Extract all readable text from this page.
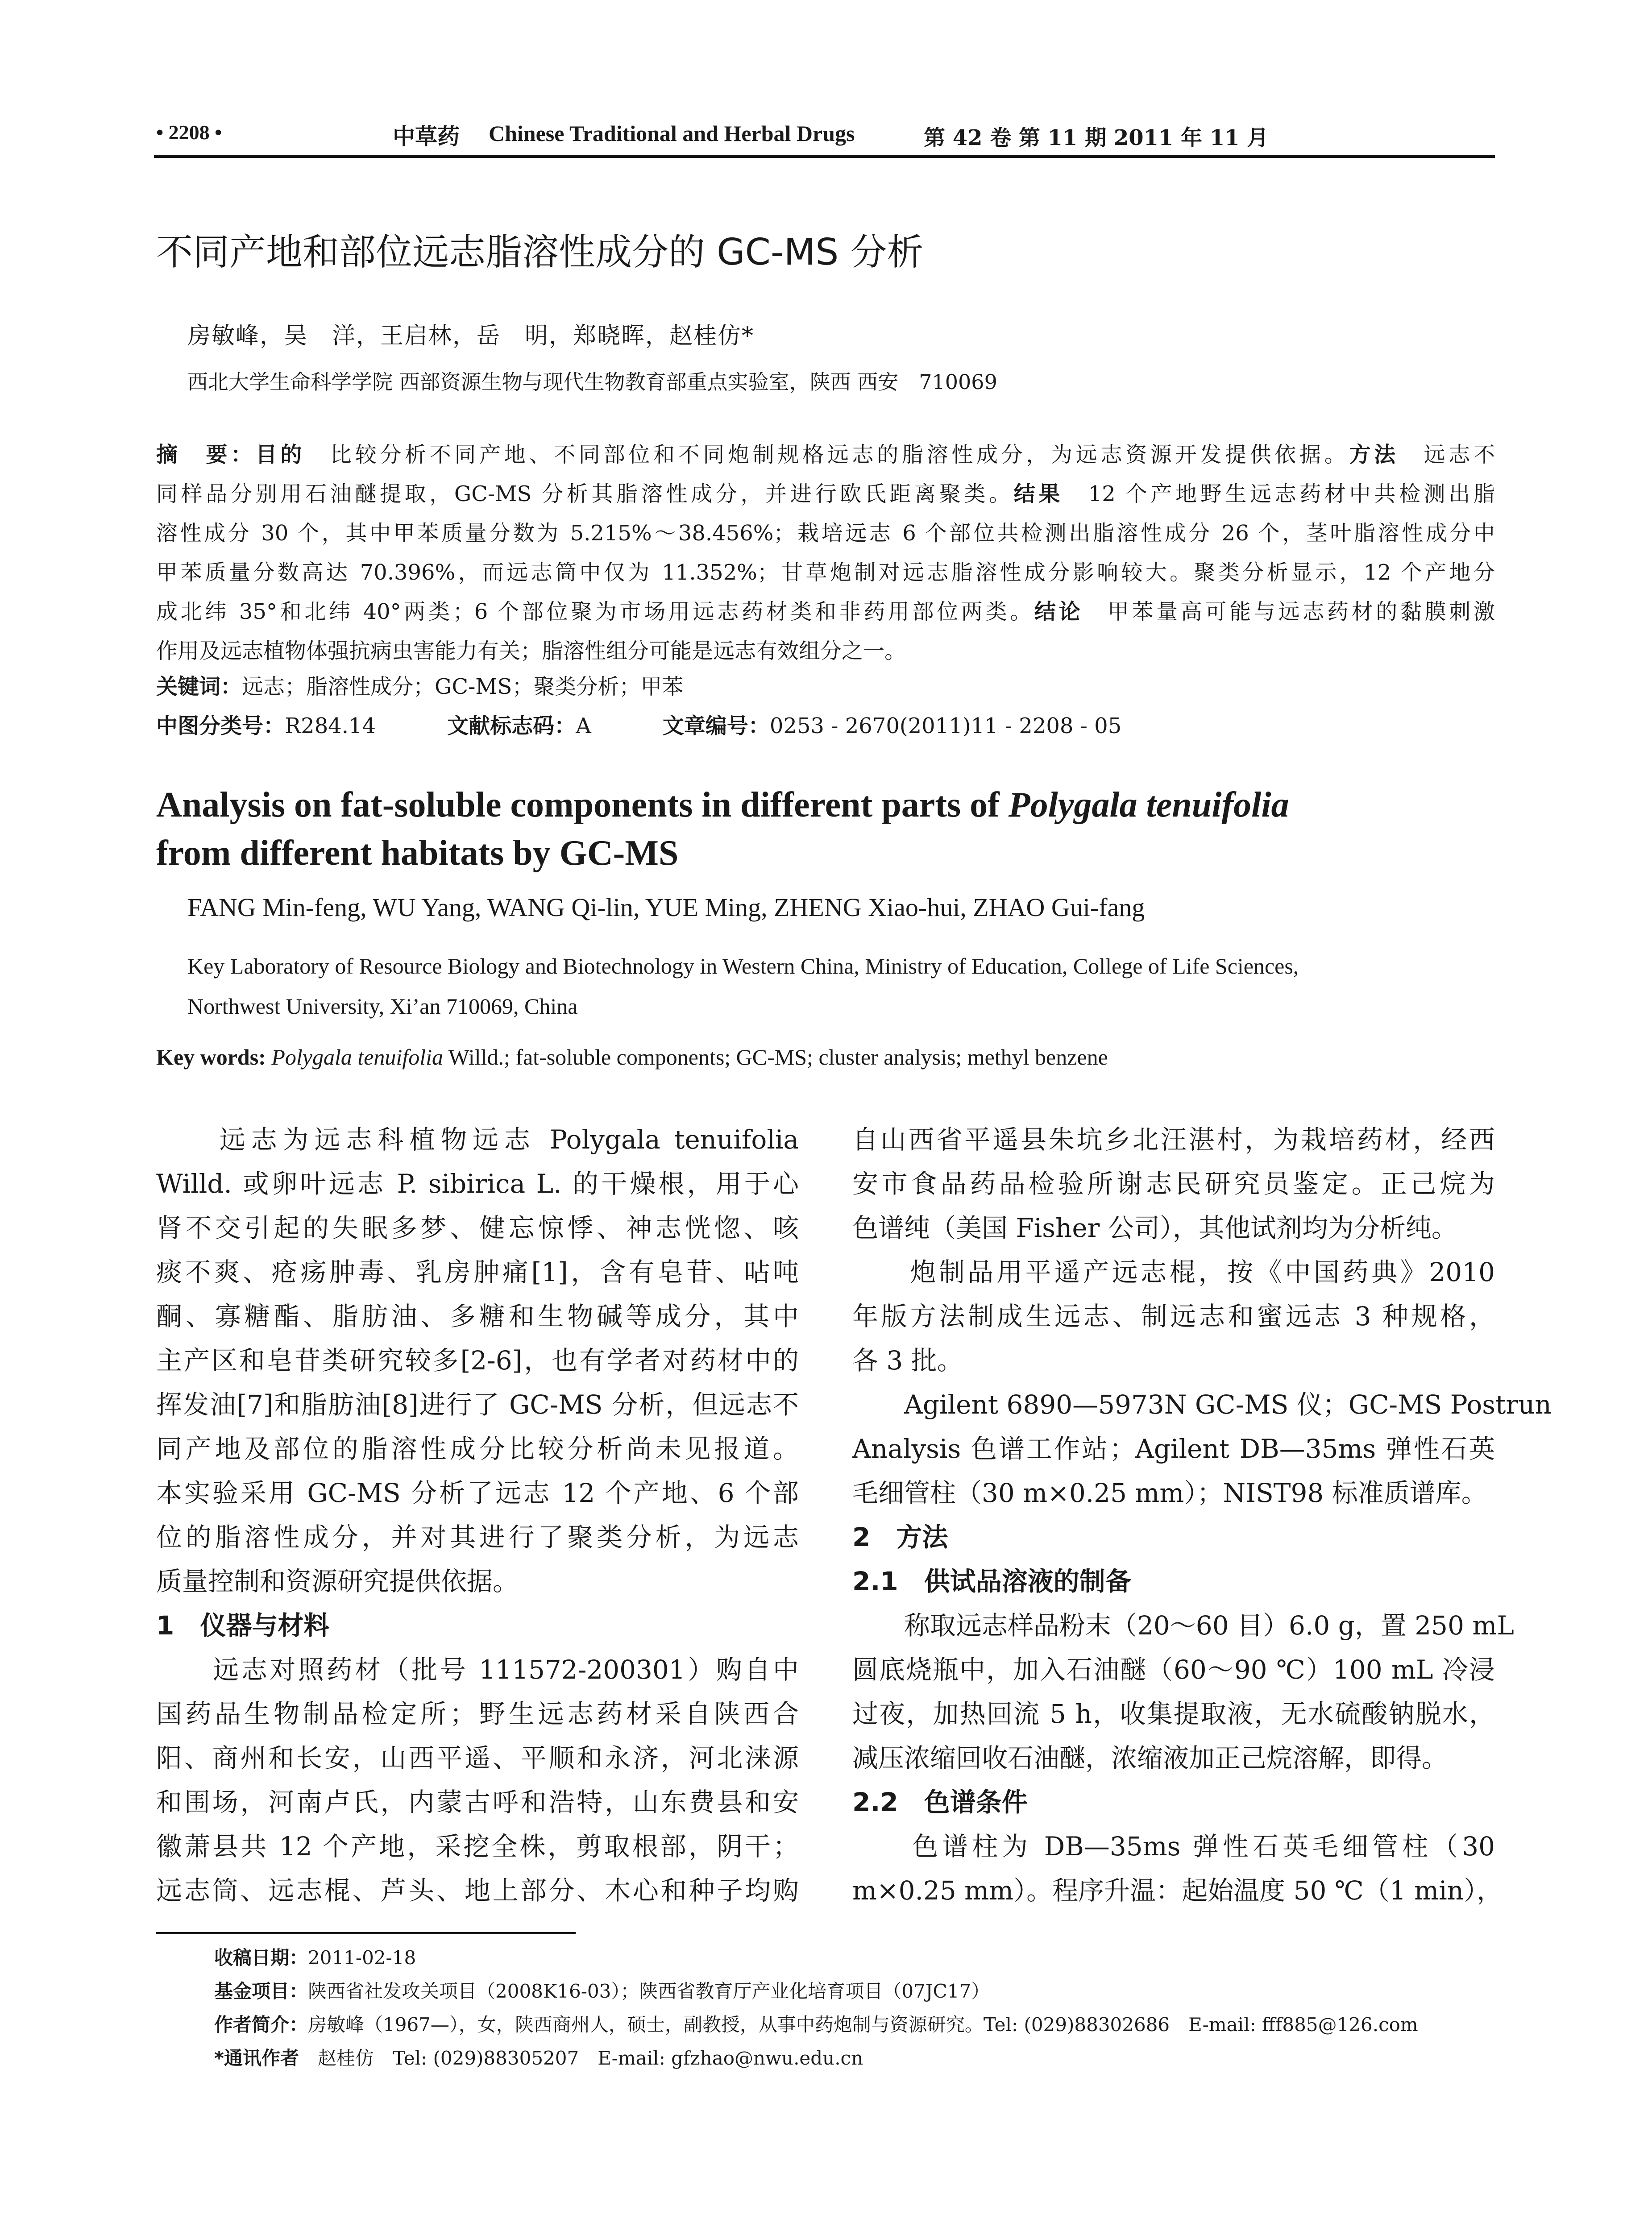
• 2208 •	中草药 Chinese Traditional and Herbal Drugs	第 42 卷 第 11 期 2011 年 11 月
不同产地和部位远志脂溶性成分的 GC-MS 分析
房敏峰，吴　洋，王启林，岳　明，郑晓晖，赵桂仿*
西北大学生命科学学院 西部资源生物与现代生物教育部重点实验室，陕西 西安　710069
摘　要：目的　比较分析不同产地、不同部位和不同炮制规格远志的脂溶性成分，为远志资源开发提供依据。方法　远志不
同样品分别用石油醚提取，GC-MS 分析其脂溶性成分，并进行欧氏距离聚类。结果　12 个产地野生远志药材中共检测出脂
溶性成分 30 个，其中甲苯质量分数为 5.215%～38.456%；栽培远志 6 个部位共检测出脂溶性成分 26 个，茎叶脂溶性成分中
甲苯质量分数高达 70.396%，而远志筒中仅为 11.352%；甘草炮制对远志脂溶性成分影响较大。聚类分析显示，12 个产地分
成北纬 35°和北纬 40°两类；6 个部位聚为市场用远志药材类和非药用部位两类。结论　甲苯量高可能与远志药材的黏膜刺激
作用及远志植物体强抗病虫害能力有关；脂溶性组分可能是远志有效组分之一。
关键词：远志；脂溶性成分；GC-MS；聚类分析；甲苯
中图分类号：R284.14	文献标志码：A	文章编号：0253 - 2670(2011)11 - 2208 - 05
Analysis on fat-soluble components in different parts of Polygala tenuifolia
from different habitats by GC-MS
FANG Min-feng, WU Yang, WANG Qi-lin, YUE Ming, ZHENG Xiao-hui, ZHAO Gui-fang
Key Laboratory of Resource Biology and Biotechnology in Western China, Ministry of Education, College of Life Sciences,
Northwest University, Xi’an 710069, China
Key words: Polygala tenuifolia Willd.; fat-soluble components; GC-MS; cluster analysis; methyl benzene

　　远志为远志科植物远志 Polygala tenuifolia

Willd. 或卵叶远志 P. sibirica L. 的干燥根，用于心

肾不交引起的失眠多梦、健忘惊悸、神志恍惚、咳

痰不爽、疮疡肿毒、乳房肿痛[1]，含有皂苷、呫吨

酮、寡糖酯、脂肪油、多糖和生物碱等成分，其中

主产区和皂苷类研究较多[2-6]，也有学者对药材中的

挥发油[7]和脂肪油[8]进行了 GC-MS 分析，但远志不

同产地及部位的脂溶性成分比较分析尚未见报道。

本实验采用 GC-MS 分析了远志 12 个产地、6 个部

位的脂溶性成分，并对其进行了聚类分析，为远志

质量控制和资源研究提供依据。

1　仪器与材料

　　远志对照药材（批号 111572-200301）购自中

国药品生物制品检定所；野生远志药材采自陕西合

阳、商州和长安，山西平遥、平顺和永济，河北涞源

和围场，河南卢氏，内蒙古呼和浩特，山东费县和安

徽萧县共 12 个产地，采挖全株，剪取根部，阴干；

远志筒、远志棍、芦头、地上部分、木心和种子均购

自山西省平遥县朱坑乡北汪湛村，为栽培药材，经西

安市食品药品检验所谢志民研究员鉴定。正己烷为

色谱纯（美国 Fisher 公司），其他试剂均为分析纯。

　　炮制品用平遥产远志棍，按《中国药典》2010

年版方法制成生远志、制远志和蜜远志 3 种规格，

各 3 批。

　　Agilent 6890—5973N GC-MS 仪；GC-MS Postrun

Analysis 色谱工作站；Agilent DB—35ms 弹性石英

毛细管柱（30 m×0.25 mm）；NIST98 标准质谱库。

2　方法

2.1　供试品溶液的制备

　　称取远志样品粉末（20～60 目）6.0 g，置 250 mL

圆底烧瓶中，加入石油醚（60～90 ℃）100 mL 冷浸

过夜，加热回流 5 h，收集提取液，无水硫酸钠脱水，

减压浓缩回收石油醚，浓缩液加正己烷溶解，即得。

2.2　色谱条件

　　色谱柱为 DB—35ms 弹性石英毛细管柱（30

m×0.25 mm）。程序升温：起始温度 50 ℃（1 min），

收稿日期：2011-02-18
基金项目：陕西省社发攻关项目（2008K16-03）；陕西省教育厅产业化培育项目（07JC17）
作者简介：房敏峰（1967—），女，陕西商州人，硕士，副教授，从事中药炮制与资源研究。Tel: (029)88302686　E-mail: fff885@126.com
*通讯作者　赵桂仿　Tel: (029)88305207　E-mail: gfzhao@nwu.edu.cn
